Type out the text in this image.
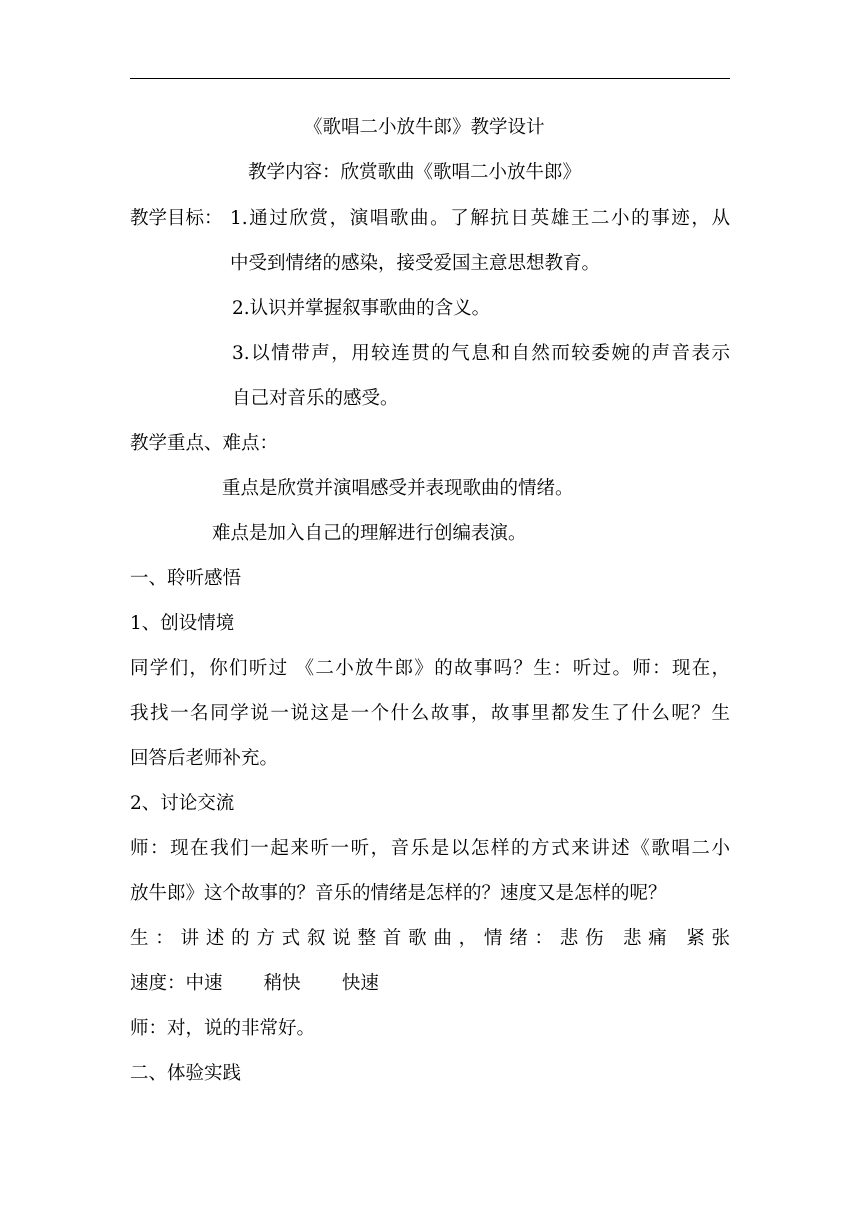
《歌唱二小放牛郎》教学设计
教学内容：欣赏歌曲《歌唱二小放牛郎》
教学目标： 1.通过欣赏，演唱歌曲。了解抗日英雄王二小的事迹，从
中受到情绪的感染，接受爱国主意思想教育。
2.认识并掌握叙事歌曲的含义。
3.以情带声，用较连贯的气息和自然而较委婉的声音表示
自己对音乐的感受。
教学重点、难点：
重点是欣赏并演唱感受并表现歌曲的情绪。
难点是加入自己的理解进行创编表演。
一、聆听感悟
1、创设情境
同学们，你们听过 《二小放牛郎》的故事吗？生：听过。师：现在，
我找一名同学说一说这是一个什么故事，故事里都发生了什么呢？生
回答后老师补充。
2、讨论交流
师：现在我们一起来听一听，音乐是以怎样的方式来讲述《歌唱二小
放牛郎》这个故事的？音乐的情绪是怎样的？速度又是怎样的呢？
生：讲述的方式叙说整首歌曲，情绪：悲伤 悲痛 紧张
速度：中速       稍快       快速
师：对，说的非常好。
二、体验实践
